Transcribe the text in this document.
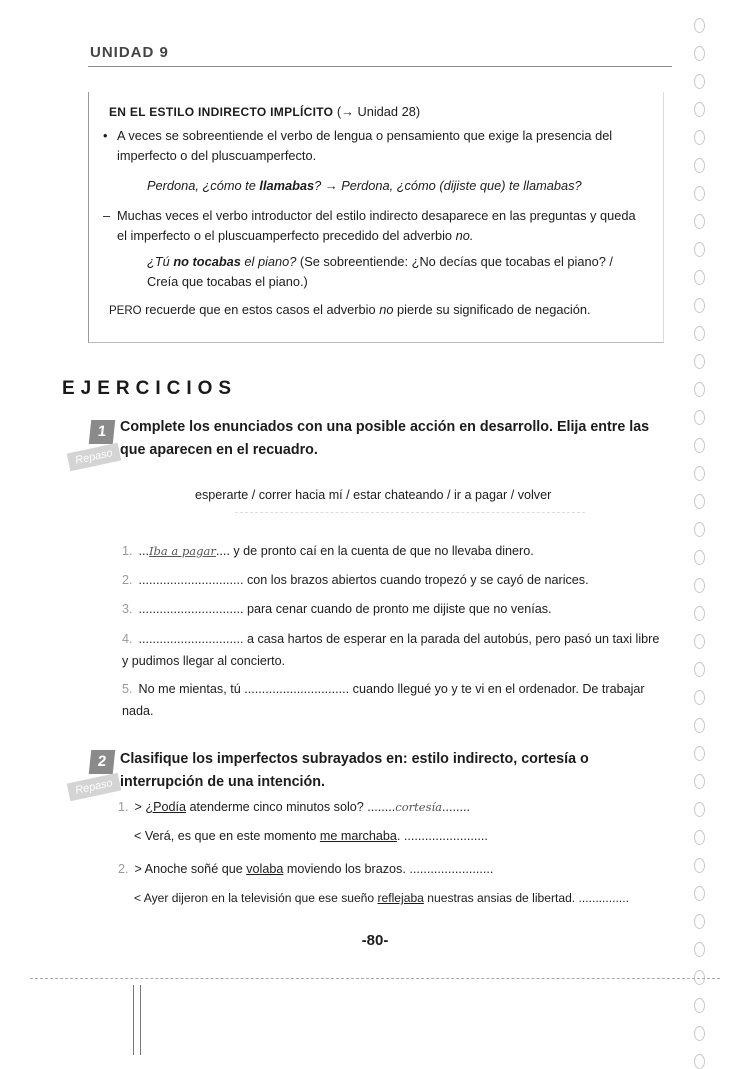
UNIDAD 9

EN EL ESTILO INDIRECTO IMPLÍCITO (→ Unidad 28)

• A veces se sobreentiende el verbo de lengua o pensamiento que exige la presencia del imperfecto o del pluscuamperfecto.

Perdona, ¿cómo te llamabas? → Perdona, ¿cómo (dijiste que) te llamabas?

– Muchas veces el verbo introductor del estilo indirecto desaparece en las preguntas y queda el imperfecto o el pluscuamperfecto precedido del adverbio no.

¿Tú no tocabas el piano? (Se sobreentiende: ¿No decías que tocabas el piano? / Creía que tocabas el piano.)

PERO recuerde que en estos casos el adverbio no pierde su significado de negación.

EJERCICIOS
1
Repaso

Complete los enunciados con una posible acción en desarrollo. Elija entre las que aparecen en el recuadro.

esperarte / correr hacia mí / estar chateando / ir a pagar / volver

1. ...Iba a pagar.... y de pronto caí en la cuenta de que no llevaba dinero.

2. .............................. con los brazos abiertos cuando tropezó y se cayó de narices.

3. .............................. para cenar cuando de pronto me dijiste que no venías.

4. .............................. a casa hartos de esperar en la parada del autobús, pero pasó un taxi libre y pudimos llegar al concierto.

5. No me mientas, tú .............................. cuando llegué yo y te vi en el ordenador. De trabajar nada.

2
Repaso

Clasifique los imperfectos subrayados en: estilo indirecto, cortesía o interrupción de una intención.

1. > ¿Podía atenderme cinco minutos solo? ........cortesía........

< Verá, es que en este momento me marchaba. ........................

2. > Anoche soñé que volaba moviendo los brazos. ........................

< Ayer dijeron en la televisión que ese sueño reflejaba nuestras ansias de libertad. ...............

-80-
